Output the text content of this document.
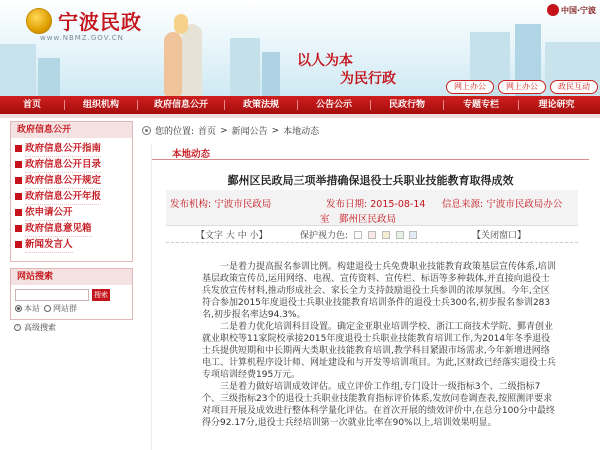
宁波民政
www.NBMZ.GOV.CN
中国·宁波
以人为本
为民行政	网上办公	网上办公	政民互动
首页	组织机构	政府信息公开	政策法规	公告公示	民政行物	专题专栏	理论研究
政府信息公开
政府信息公开指南
政府信息公开目录
政府信息公开规定
政府信息公开年报
依申请公开
政府信息意见箱
新闻发言人
网站搜索
搜索
本站	网站群
› 高级搜索
您的位置: 首页 > 新闻公告 > 本地动态
本地动态
鄞州区民政局三项举措确保退役士兵职业技能教育取得成效
发布机构: 宁波市民政局	发布日期: 2015-08-14 信息来源: 宁波市民政局办公
室　鄞州区民政局
【文字 大 中 小】	保护视力色:	【关闭窗口】

一是着力提高报名参训比例。构建退役士兵免费职业技能教育政策基层宣传体系,培训基层政策宣传员,运用网络、电视、宣传资料、宣传栏、标语等多种载体,并直接向退役士兵发放宣传材料,推动形成社会、家长全力支持鼓励退役士兵参训的浓厚氛围。今年,全区符合参加2015年度退役士兵职业技能教育培训条件的退役士兵300名,初步报名参训283名,初步报名率达94.3%。

二是着力优化培训科目设置。确定金亚职业培训学校、浙江工商技术学院、鄞青创业就业职校等11家院校承接2015年度退役士兵职业技能教育培训工作,为2014年冬季退役士兵提供短期和中长期两大类职业技能教育培训,教学科目紧跟市场需求,今年新增进网络电工、计算机程序设计师、网址建设和与开发等培训项目。为此,区财政已经落实退役士兵专项培训经费195万元。

三是着力做好培训成效评估。成立评价工作组,专门设计一级指标3个、二级指标7个、三级指标23个的退役士兵职业技能教育指标评价体系,发放问卷调查表,按照测评要求对项目开展及成效进行整体科学量化评估。在首次开展的绩效评价中,在总分100分中最终得分92.17分,退役士兵经培训第一次就业比率在90%以上,培训效果明显。
